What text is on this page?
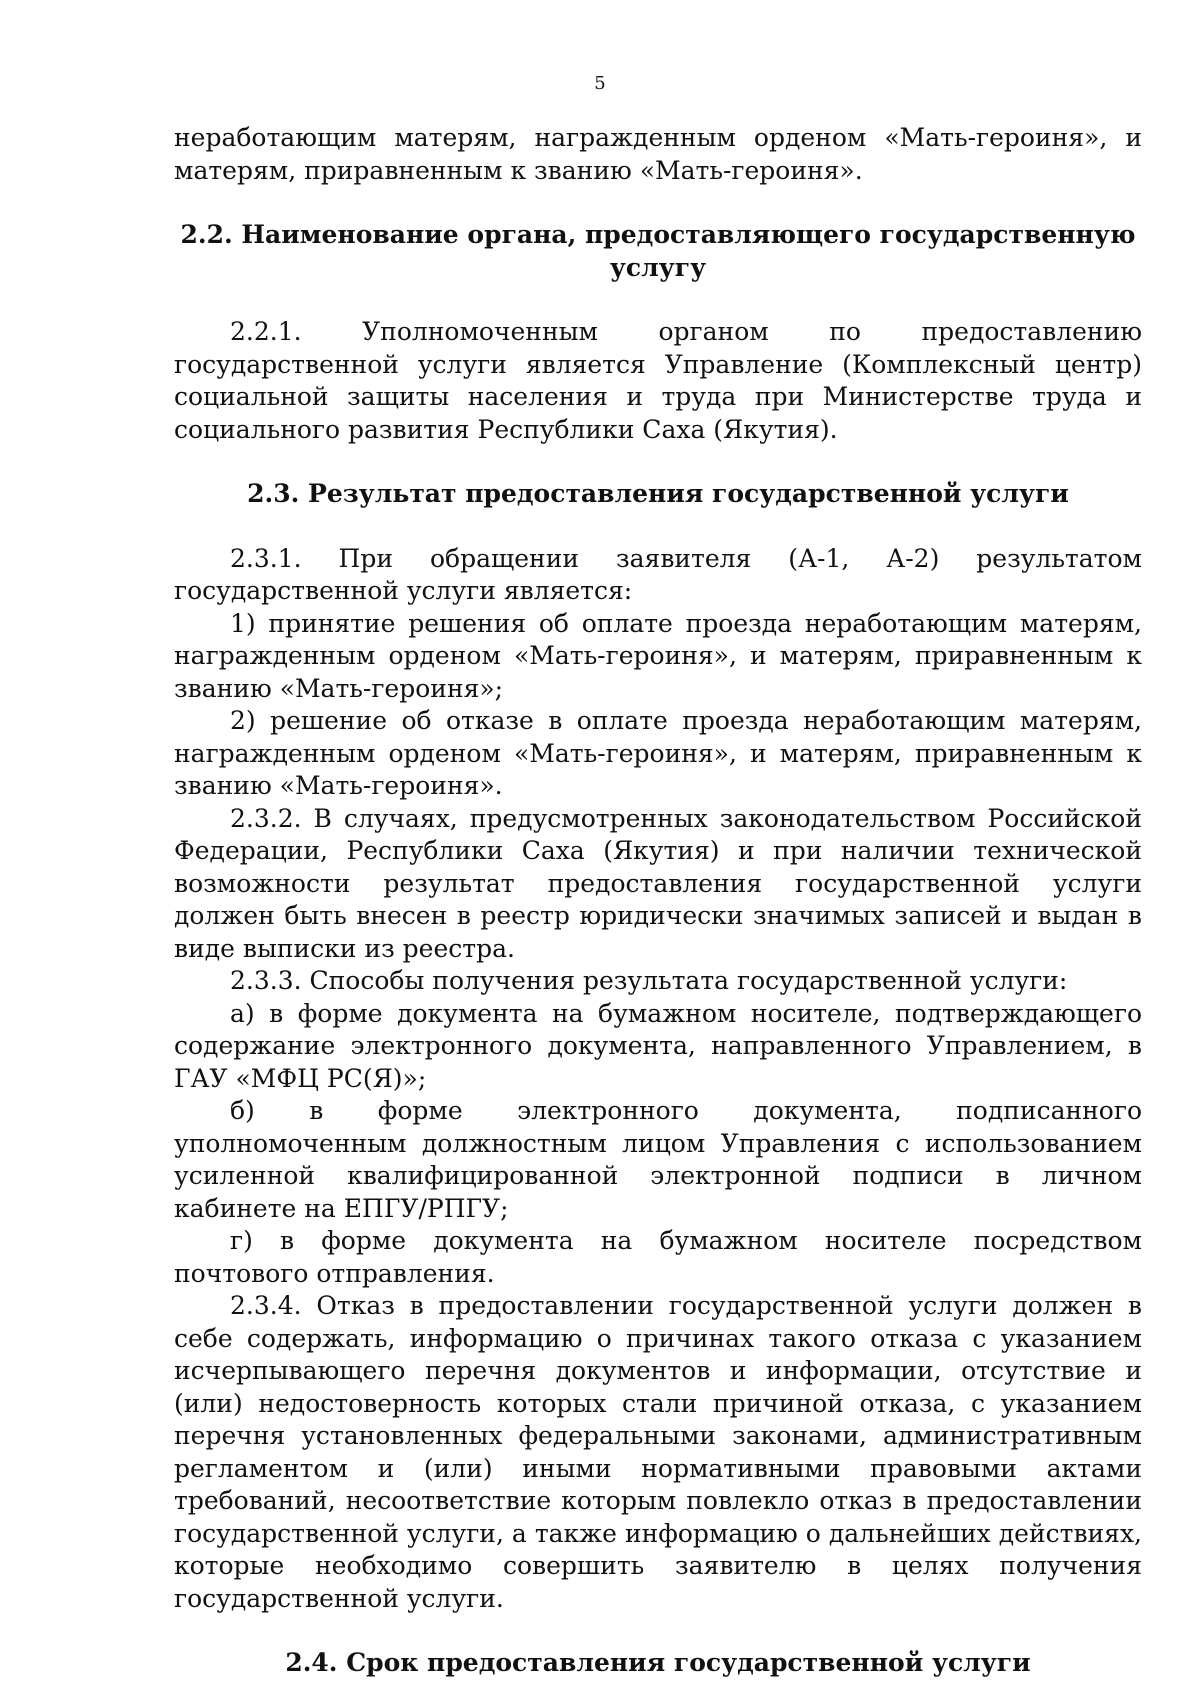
5

неработающим матерям, награжденным орденом «Мать-героиня», и матерям, приравненным к званию «Мать-героиня».

2.2. Наименование органа, предоставляющего государственную услугу

2.2.1. Уполномоченным органом по предоставлению государственной услуги является Управление (Комплексный центр) социальной защиты населения и труда при Министерстве труда и социального развития Республики Саха (Якутия).

2.3. Результат предоставления государственной услуги

2.3.1. При обращении заявителя (А-1, А-2) результатом государственной услуги является:

1) принятие решения об оплате проезда неработающим матерям, награжденным орденом «Мать-героиня», и матерям, приравненным к званию «Мать-героиня»;

2) решение об отказе в оплате проезда неработающим матерям, награжденным орденом «Мать-героиня», и матерям, приравненным к званию «Мать-героиня».

2.3.2. В случаях, предусмотренных законодательством Российской Федерации, Республики Саха (Якутия) и при наличии технической возможности результат предоставления государственной услуги должен быть внесен в реестр юридически значимых записей и выдан в виде выписки из реестра.

2.3.3. Способы получения результата государственной услуги:

а) в форме документа на бумажном носителе, подтверждающего содержание электронного документа, направленного Управлением, в ГАУ «МФЦ РС(Я)»;

б) в форме электронного документа, подписанного уполномоченным должностным лицом Управления с использованием усиленной квалифицированной электронной подписи в личном кабинете на ЕПГУ/РПГУ;

г) в форме документа на бумажном носителе посредством почтового отправления.

2.3.4. Отказ в предоставлении государственной услуги должен в себе содержать, информацию о причинах такого отказа с указанием исчерпывающего перечня документов и информации, отсутствие и (или) недостоверность которых стали причиной отказа, с указанием перечня установленных федеральными законами, административным регламентом и (или) иными нормативными правовыми актами требований, несоответствие которым повлекло отказ в предоставлении государственной услуги, а также информацию о дальнейших действиях, которые необходимо совершить заявителю в целях получения государственной услуги.

2.4. Срок предоставления государственной услуги
